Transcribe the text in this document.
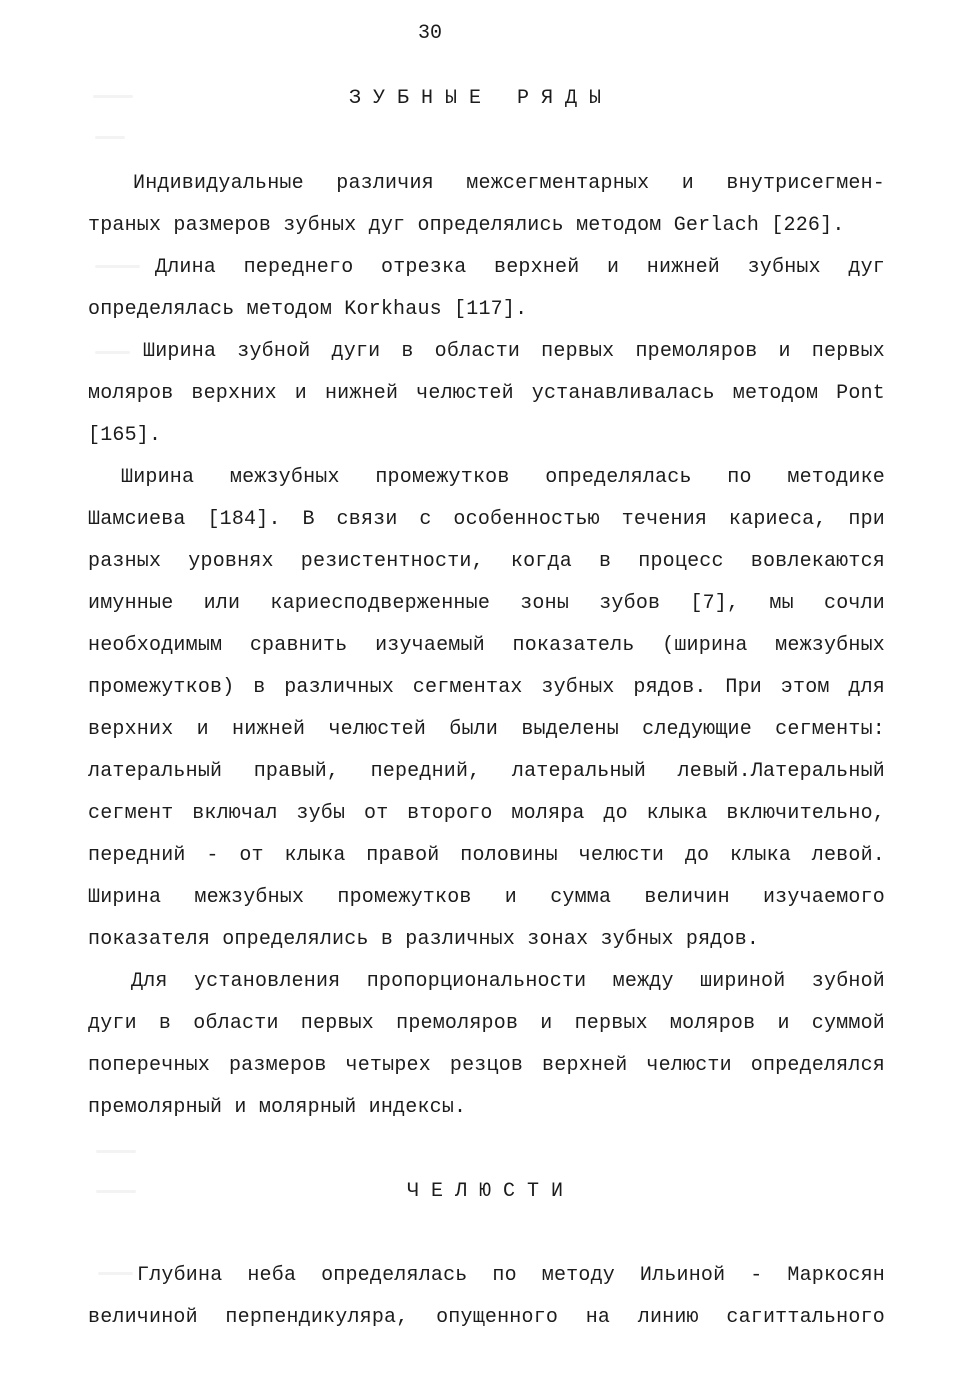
30
З У Б Н Ы Е   Р Я Д Ы
Индивидуальные различия межсегментарных и внутрисегмен-
траных размеров зубных дуг определялись методом Gerlach [226].
Длина переднего отрезка верхней и нижней зубных дуг
определялась методом Korkhaus [117].
Ширина зубной дуги в области первых премоляров и первых
моляров верхних и нижней челюстей устанавливалась методом Pont
[165].
Ширина межзубных промежутков определялась по методике
Шамсиева [184]. В связи с особенностью течения кариеса, при
разных уровнях резистентности, когда в процесс вовлекаются
имунные или кариесподверженные зоны зубов [7], мы сочли
необходимым сравнить изучаемый показатель (ширина межзубных
промежутков) в различных сегментах зубных рядов. При этом для
верхних и нижней челюстей были выделены следующие сегменты:
латеральный правый, передний, латеральный левый.Латеральный
сегмент включал зубы от второго моляра до клыка включительно,
передний - от клыка правой половины челюсти до клыка левой.
Ширина межзубных промежутков и сумма величин изучаемого
показателя определялись в различных зонах зубных рядов.
Для установления пропорциональности между шириной зубной
дуги в области первых премоляров и первых моляров и суммой
поперечных размеров четырех резцов верхней челюсти определялся
премолярный и молярный индексы.
Ч Е Л Ю С Т И
Глубина неба определялась по методу Ильиной - Маркосян
величиной перпендикуляра, опущенного на линию сагиттального
